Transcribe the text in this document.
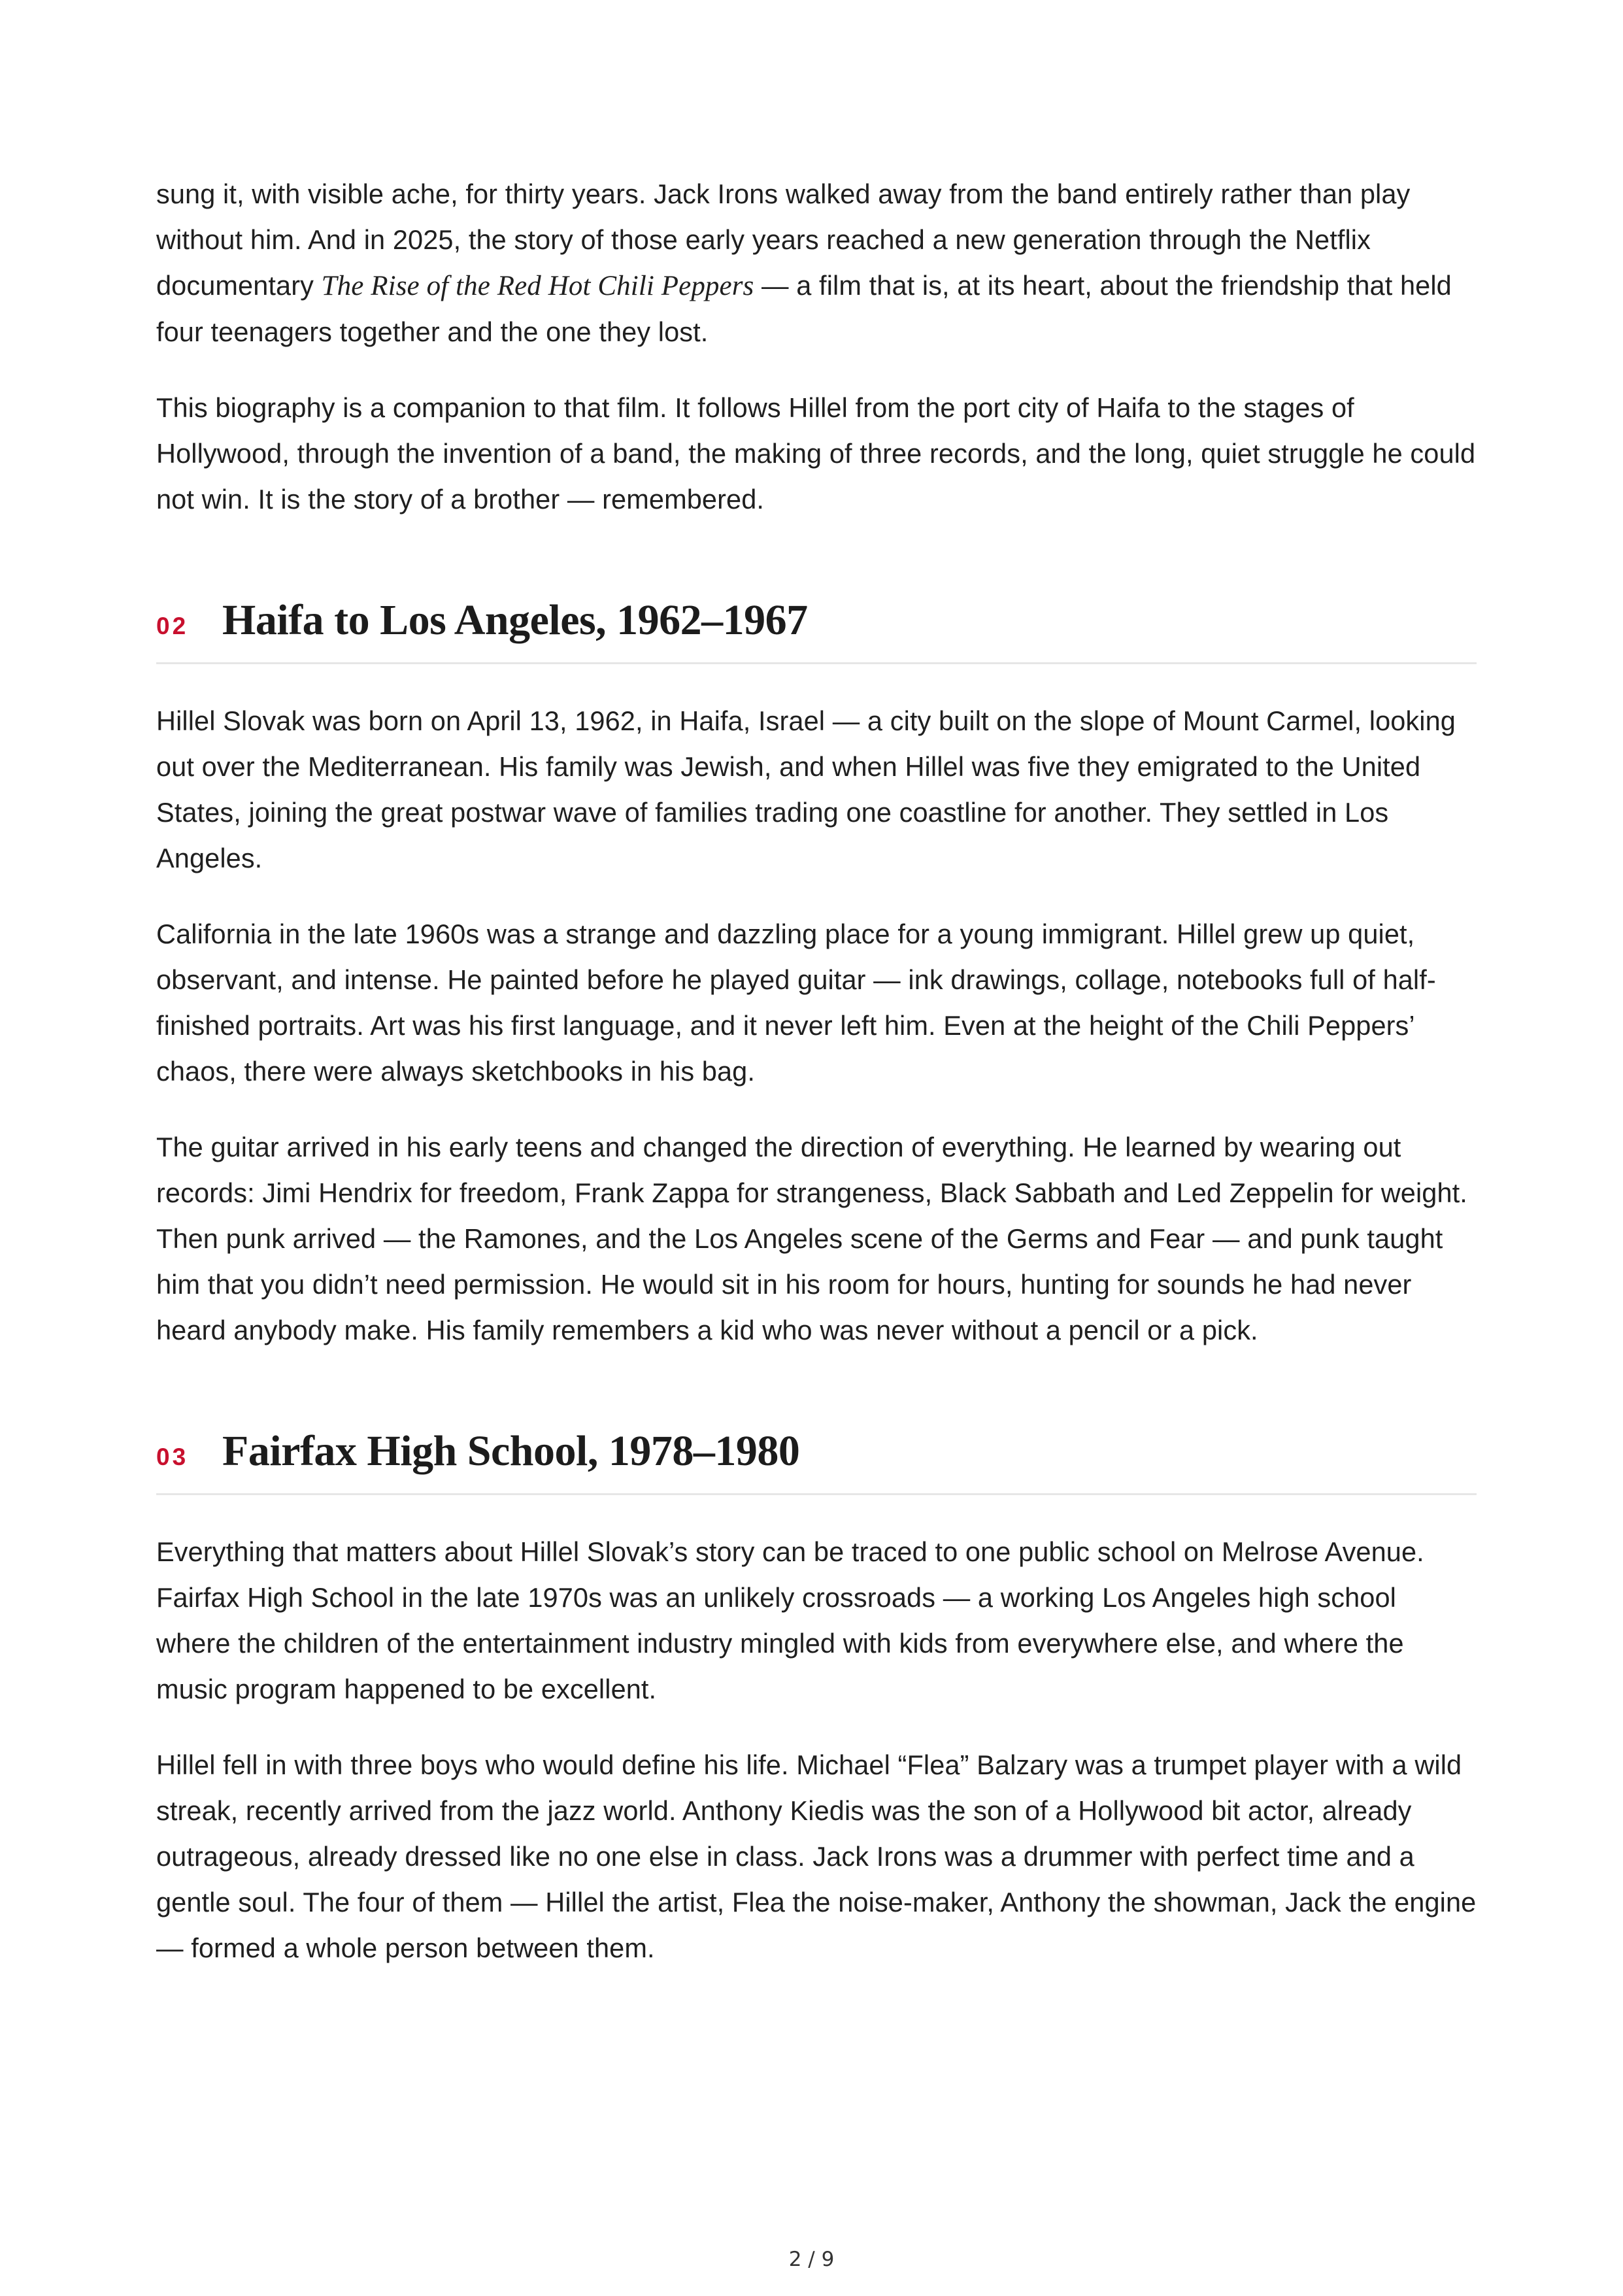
sung it, with visible ache, for thirty years. Jack Irons walked away from the band entirely rather than play without him. And in 2025, the story of those early years reached a new generation through the Netflix documentary The Rise of the Red Hot Chili Peppers — a film that is, at its heart, about the friendship that held four teenagers together and the one they lost.

This biography is a companion to that film. It follows Hillel from the port city of Haifa to the stages of Hollywood, through the invention of a band, the making of three records, and the long, quiet struggle he could not win. It is the story of a brother — remembered.

02 Haifa to Los Angeles, 1962–1967

Hillel Slovak was born on April 13, 1962, in Haifa, Israel — a city built on the slope of Mount Carmel, looking out over the Mediterranean. His family was Jewish, and when Hillel was five they emigrated to the United States, joining the great postwar wave of families trading one coastline for another. They settled in Los Angeles.

California in the late 1960s was a strange and dazzling place for a young immigrant. Hillel grew up quiet, observant, and intense. He painted before he played guitar — ink drawings, collage, notebooks full of half-finished portraits. Art was his first language, and it never left him. Even at the height of the Chili Peppers’ chaos, there were always sketchbooks in his bag.

The guitar arrived in his early teens and changed the direction of everything. He learned by wearing out records: Jimi Hendrix for freedom, Frank Zappa for strangeness, Black Sabbath and Led Zeppelin for weight. Then punk arrived — the Ramones, and the Los Angeles scene of the Germs and Fear — and punk taught him that you didn’t need permission. He would sit in his room for hours, hunting for sounds he had never heard anybody make. His family remembers a kid who was never without a pencil or a pick.

03 Fairfax High School, 1978–1980

Everything that matters about Hillel Slovak’s story can be traced to one public school on Melrose Avenue. Fairfax High School in the late 1970s was an unlikely crossroads — a working Los Angeles high school where the children of the entertainment industry mingled with kids from everywhere else, and where the music program happened to be excellent.

Hillel fell in with three boys who would define his life. Michael “Flea” Balzary was a trumpet player with a wild streak, recently arrived from the jazz world. Anthony Kiedis was the son of a Hollywood bit actor, already outrageous, already dressed like no one else in class. Jack Irons was a drummer with perfect time and a gentle soul. The four of them — Hillel the artist, Flea the noise-maker, Anthony the showman, Jack the engine — formed a whole person between them.

2 / 9
